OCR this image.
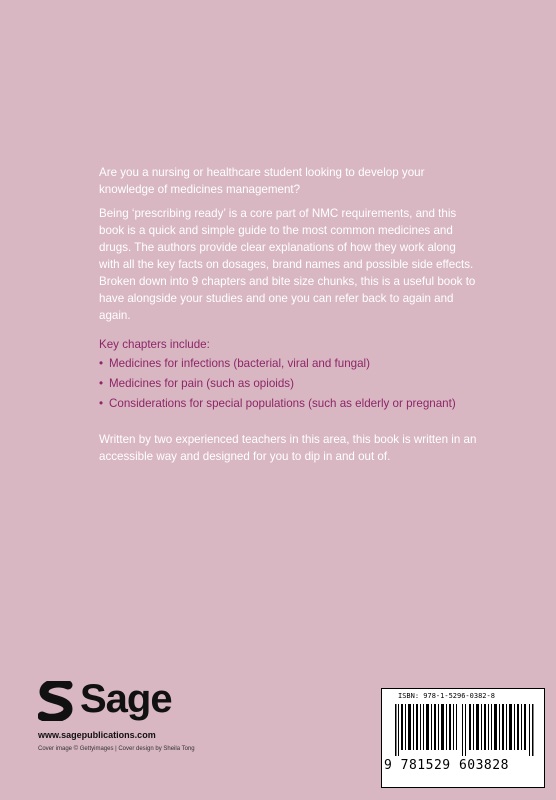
Are you a nursing or healthcare student looking to develop your knowledge of medicines management?

Being ‘prescribing ready’ is a core part of NMC requirements, and this book is a quick and simple guide to the most common medicines and drugs. The authors provide clear explanations of how they work along with all the key facts on dosages, brand names and possible side effects. Broken down into 9 chapters and bite size chunks, this is a useful book to have alongside your studies and one you can refer back to again and again.

Key chapters include:
• Medicines for infections (bacterial, viral and fungal)
• Medicines for pain (such as opioids)
• Considerations for special populations (such as elderly or pregnant)
Written by two experienced teachers in this area, this book is written in an accessible way and designed for you to dip in and out of.
Sage
www.sagepublications.com
Cover image © Gettyimages | Cover design by Sheila Tong
ISBN: 978-1-5296-0382-8
9 781529 603828
